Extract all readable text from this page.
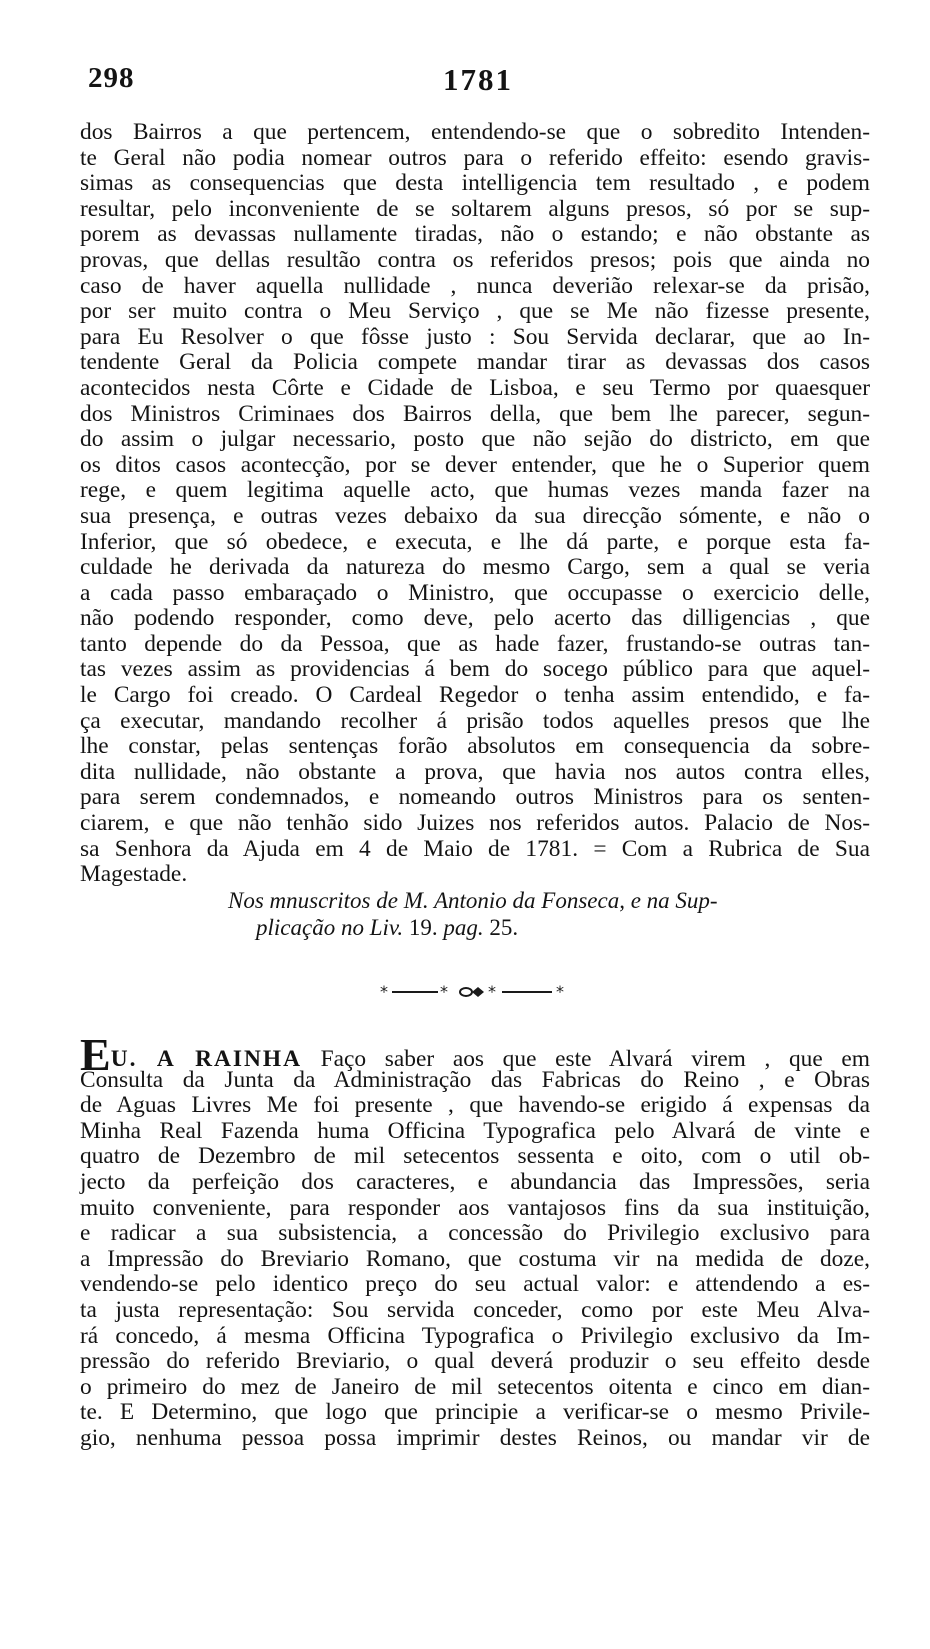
298	1781
dos Bairros a que pertencem, entendendo-se que o sobredito Intenden-
te Geral não podia nomear outros para o referido effeito: esendo gravis-
simas as consequencias que desta intelligencia tem resultado , e podem
resultar, pelo inconveniente de se soltarem alguns presos, só por se sup-
porem as devassas nullamente tiradas, não o estando; e não obstante as
provas, que dellas resultão contra os referidos presos; pois que ainda no
caso de haver aquella nullidade , nunca deverião relexar-se da prisão,
por ser muito contra o Meu Serviço , que se Me não fizesse presente,
para Eu Resolver o que fôsse justo : Sou Servida declarar, que ao In-
tendente Geral da Policia compete mandar tirar as devassas dos casos
acontecidos nesta Côrte e Cidade de Lisboa, e seu Termo por quaesquer
dos Ministros Criminaes dos Bairros della, que bem lhe parecer, segun-
do assim o julgar necessario, posto que não sejão do districto, em que
os ditos casos acontecção, por se dever entender, que he o Superior quem
rege, e quem legitima aquelle acto, que humas vezes manda fazer na
sua presença, e outras vezes debaixo da sua direcção sómente, e não o
Inferior, que só obedece, e executa, e lhe dá parte, e porque esta fa-
culdade he derivada da natureza do mesmo Cargo, sem a qual se veria
a cada passo embaraçado o Ministro, que occupasse o exercicio delle,
não podendo responder, como deve, pelo acerto das dilligencias , que
tanto depende do da Pessoa, que as hade fazer, frustando-se outras tan-
tas vezes assim as providencias á bem do socego público para que aquel-
le Cargo foi creado. O Cardeal Regedor o tenha assim entendido, e fa-
ça executar, mandando recolher á prisão todos aquelles presos que lhe
lhe constar, pelas sentenças forão absolutos em consequencia da sobre-
dita nullidade, não obstante a prova, que havia nos autos contra elles,
para serem condemnados, e nomeando outros Ministros para os senten-
ciarem, e que não tenhão sido Juizes nos referidos autos. Palacio de Nos-
sa Senhora da Ajuda em 4 de Maio de 1781. = Com a Rubrica de Sua
Magestade.
Nos mnuscritos de M. Antonio da Fonseca, e na Sup-
plicação no Liv. 19. pag. 25.
*	*	*	*
EU. A RAINHA Faço saber aos que este Alvará virem , que em
Consulta da Junta da Administração das Fabricas do Reino , e Obras
de Aguas Livres Me foi presente , que havendo-se erigido á expensas da
Minha Real Fazenda huma Officina Typografica pelo Alvará de vinte e
quatro de Dezembro de mil setecentos sessenta e oito, com o util ob-
jecto da perfeição dos caracteres, e abundancia das Impressões, seria
muito conveniente, para responder aos vantajosos fins da sua instituição,
e radicar a sua subsistencia, a concessão do Privilegio exclusivo para
a Impressão do Breviario Romano, que costuma vir na medida de doze,
vendendo-se pelo identico preço do seu actual valor: e attendendo a es-
ta justa representação: Sou servida conceder, como por este Meu Alva-
rá concedo, á mesma Officina Typografica o Privilegio exclusivo da Im-
pressão do referido Breviario, o qual deverá produzir o seu effeito desde
o primeiro do mez de Janeiro de mil setecentos oitenta e cinco em dian-
te. E Determino, que logo que principie a verificar-se o mesmo Privile-
gio, nenhuma pessoa possa imprimir destes Reinos, ou mandar vir de
